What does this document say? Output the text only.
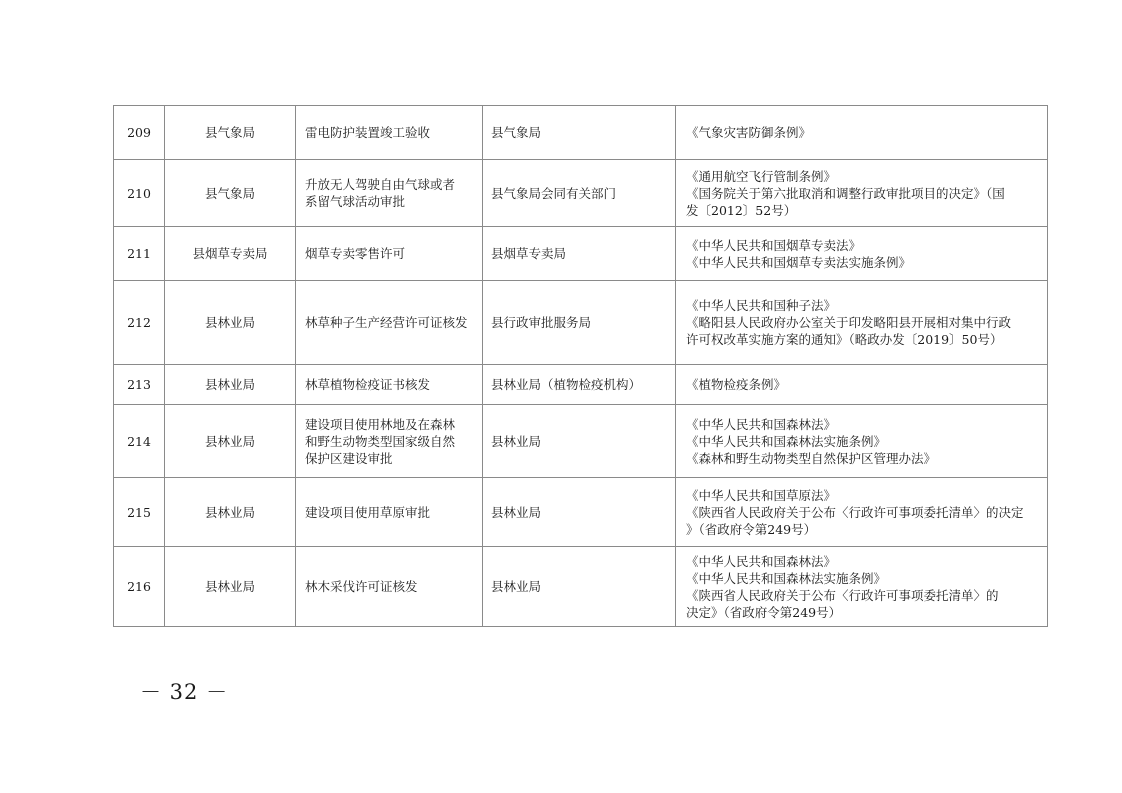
209	县气象局	雷电防护装置竣工验收	县气象局	《气象灾害防御条例》

210	县气象局	升放无人驾驶自由气球或者系留气球活动审批	县气象局会同有关部门	《通用航空飞行管制条例》
《国务院关于第六批取消和调整行政审批项目的决定》（国
发〔2012〕52号）

211	县烟草专卖局	烟草专卖零售许可	县烟草专卖局	《中华人民共和国烟草专卖法》
《中华人民共和国烟草专卖法实施条例》

212	县林业局	林草种子生产经营许可证核发	县行政审批服务局	《中华人民共和国种子法》
《略阳县人民政府办公室关于印发略阳县开展相对集中行政
许可权改革实施方案的通知》（略政办发〔2019〕50号）

213	县林业局	林草植物检疫证书核发	县林业局（植物检疫机构）	《植物检疫条例》

214	县林业局	建设项目使用林地及在森林和野生动物类型国家级自然保护区建设审批	县林业局	《中华人民共和国森林法》
《中华人民共和国森林法实施条例》
《森林和野生动物类型自然保护区管理办法》

215	县林业局	建设项目使用草原审批	县林业局	《中华人民共和国草原法》
《陕西省人民政府关于公布〈行政许可事项委托清单〉的决定
》（省政府令第249号）

216	县林业局	林木采伐许可证核发	县林业局	《中华人民共和国森林法》
《中华人民共和国森林法实施条例》
《陕西省人民政府关于公布〈行政许可事项委托清单〉的
决定》（省政府令第249号）
－ 32 －
